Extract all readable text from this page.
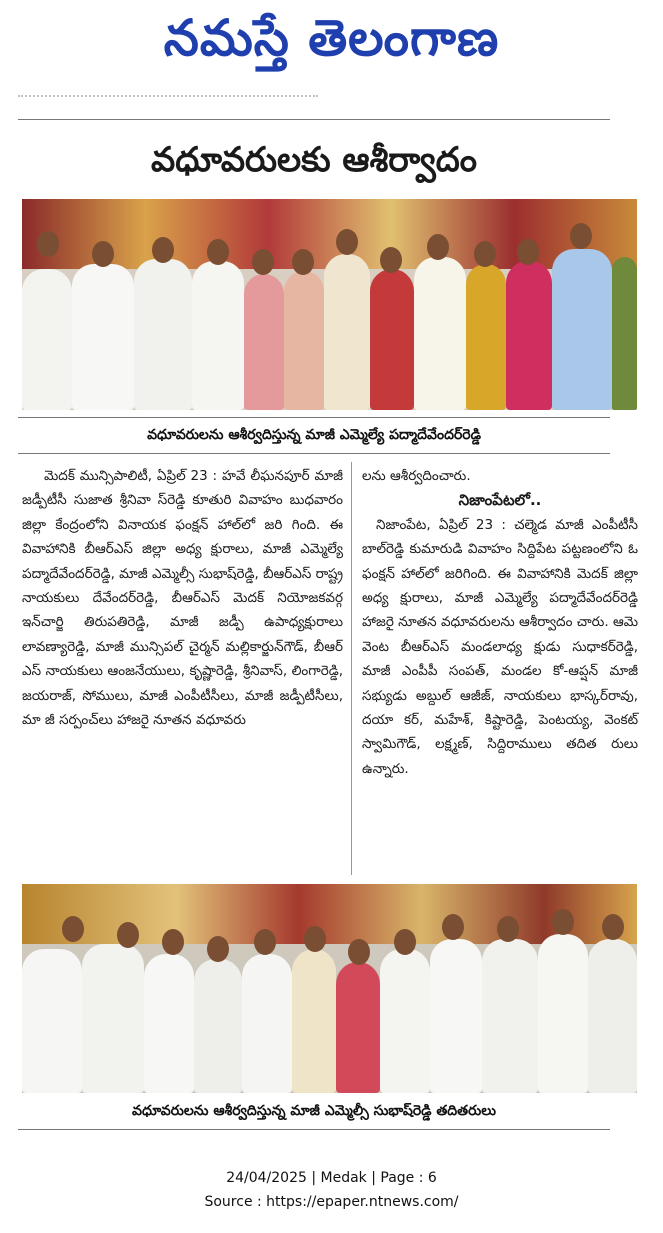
నమస్తే తెలంగాణ
వధూవరులకు ఆశీర్వాదం
వధూవరులను ఆశీర్వదిస్తున్న మాజీ ఎమ్మెల్యే పద్మాదేవేందర్‌రెడ్డి

మెదక్ మున్సిపాలిటీ, ఏప్రిల్ 23 : హవే లీఘనపూర్ మాజీ జడ్పీటీసీ సుజాత శ్రీనివా స్‌రెడ్డి కూతురి వివాహం బుధవారం జిల్లా కేంద్రంలోని వినాయక ఫంక్షన్ హాల్‌లో జరి గింది. ఈ వివాహానికి బీఆర్‌ఎస్ జిల్లా అధ్య క్షురాలు, మాజీ ఎమ్మెల్యే పద్మాదేవేందర్‌రెడ్డి, మాజీ ఎమ్మెల్సీ సుభాష్‌రెడ్డి, బీఆర్‌ఎస్ రాష్ట్ర నాయకులు దేవేందర్‌రెడ్డి, బీఆర్‌ఎస్ మెదక్ నియోజకవర్గ ఇన్‌చార్జి తిరుపతిరెడ్డి, మాజీ జడ్పీ ఉపాధ్యక్షురాలు లావణ్యారెడ్డి, మాజీ మున్సిపల్ చైర్మన్ మల్లికార్జున్‌గౌడ్, బీఆర్ ఎస్ నాయకులు ఆంజనేయులు, కృష్ణారెడ్డి, శ్రీనివాస్, లింగారెడ్డి, జయరాజ్, సోములు, మాజీ ఎంపీటీసీలు, మాజీ జడ్పీటీసీలు, మా జీ సర్పంచ్‌లు హాజరై నూతన వధూవరు

లను ఆశీర్వదించారు.

నిజాంపేటలో..

నిజాంపేట, ఏప్రిల్ 23 : చల్మెడ మాజీ ఎంపీటీసీ బాల్‌రెడ్డి కుమారుడి వివాహం సిద్దిపేట పట్టణంలోని ఓ ఫంక్షన్ హాల్‌లో జరిగింది. ఈ వివాహానికి మెదక్ జిల్లా అధ్య క్షురాలు, మాజీ ఎమ్మెల్యే పద్మాదేవేందర్‌రెడ్డి హాజరై నూతన వధూవరులను ఆశీర్వాదం చారు. ఆమె వెంట బీఆర్‌ఎస్ మండలాధ్య క్షుడు సుధాకర్‌రెడ్డి, మాజీ ఎంపీపీ సంపత్, మండల కో-ఆప్షన్ మాజీ సభ్యుడు అబ్దుల్ ఆజీజ్, నాయకులు భాస్కర్‌రావు, దయా కర్, మహేశ్, కిష్టారెడ్డి, పెంటయ్య, వెంకట్ స్వామిగౌడ్, లక్ష్మణ్, సిద్దిరాములు తదిత రులు ఉన్నారు.

వధూవరులను ఆశీర్వదిస్తున్న మాజీ ఎమ్మెల్సీ సుభాష్‌రెడ్డి తదితరులు
24/04/2025 | Medak | Page : 6
Source : https://epaper.ntnews.com/
